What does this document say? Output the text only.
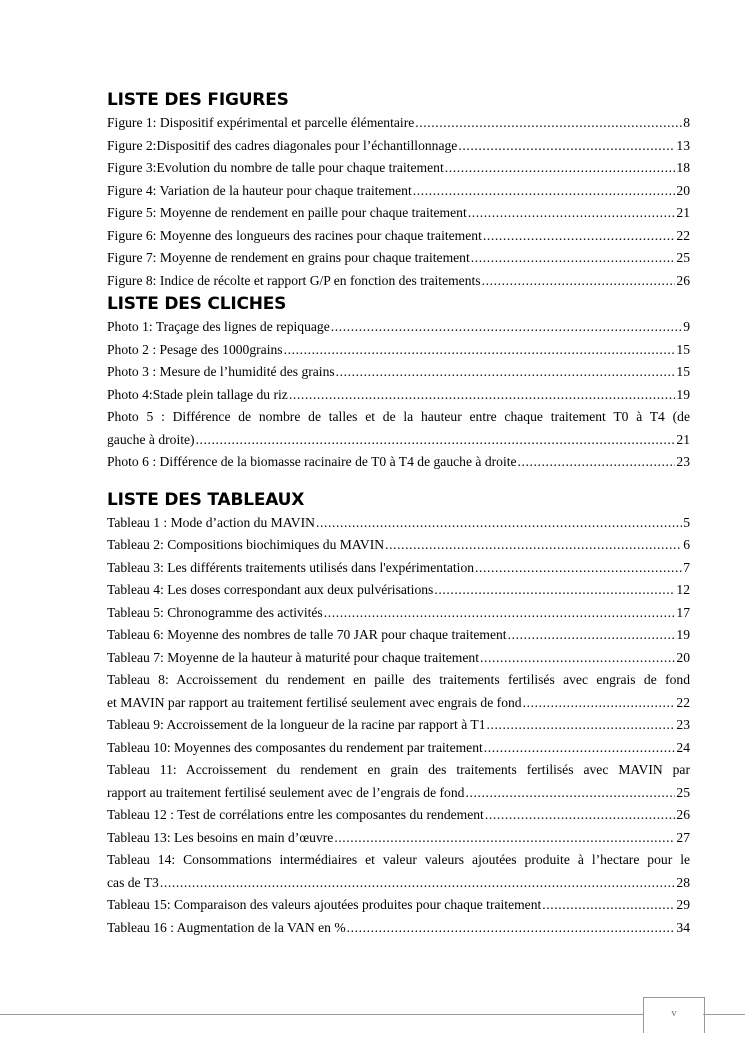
LISTE DES FIGURES
Figure 1: Dispositif expérimental et parcelle élémentaire .....	8
Figure 2:Dispositif des cadres diagonales pour l’échantillonnage .....	13
Figure 3:Evolution du nombre de talle pour chaque traitement .....	18
Figure 4: Variation de la hauteur pour chaque traitement .....	20
Figure 5: Moyenne de rendement en paille pour chaque traitement .....	21
Figure 6: Moyenne des longueurs des racines pour chaque traitement .....	22
Figure 7: Moyenne de rendement en grains pour chaque traitement .....	25
Figure 8: Indice de récolte et rapport G/P en fonction des traitements .....	26
LISTE DES CLICHES
Photo 1: Traçage des lignes de repiquage .....	9
Photo 2 : Pesage des 1000grains .....	15
Photo 3 : Mesure de l’humidité des grains .....	15
Photo 4:Stade plein tallage du riz .....	19
Photo 5 : Différence de nombre de talles et de la hauteur entre chaque traitement T0 à T4 (de
gauche à droite) .....	21
Photo 6 : Différence de la biomasse racinaire de T0 à T4 de gauche à droite .....	23
LISTE DES TABLEAUX
Tableau 1 : Mode d’action du MAVIN .....	5
Tableau 2: Compositions biochimiques du MAVIN .....	6
Tableau 3: Les différents traitements utilisés dans l'expérimentation .....	7
Tableau 4: Les doses correspondant aux deux pulvérisations .....	12
Tableau 5: Chronogramme des activités .....	17
Tableau 6: Moyenne des nombres de talle 70 JAR pour chaque traitement .....	19
Tableau 7: Moyenne de la hauteur à maturité pour chaque traitement .....	20
Tableau 8: Accroissement du rendement en paille des traitements fertilisés avec engrais de fond
et MAVIN par rapport au traitement fertilisé seulement avec engrais de fond .....	22
Tableau 9: Accroissement de la longueur de la racine par rapport à T1 .....	23
Tableau 10: Moyennes des composantes du rendement par traitement .....	24
Tableau 11: Accroissement du rendement en grain des traitements fertilisés avec MAVIN par
rapport au traitement fertilisé seulement avec de l’engrais de fond .....	25
Tableau 12 : Test de corrélations entre les composantes du rendement .....	26
Tableau 13: Les besoins en main d’œuvre .....	27
Tableau 14: Consommations intermédiaires et valeur valeurs ajoutées produite à l’hectare pour le
cas de T3 .....	28
Tableau 15: Comparaison des valeurs ajoutées produites pour chaque traitement .....	29
Tableau 16 : Augmentation de la VAN en % .....	34
v
